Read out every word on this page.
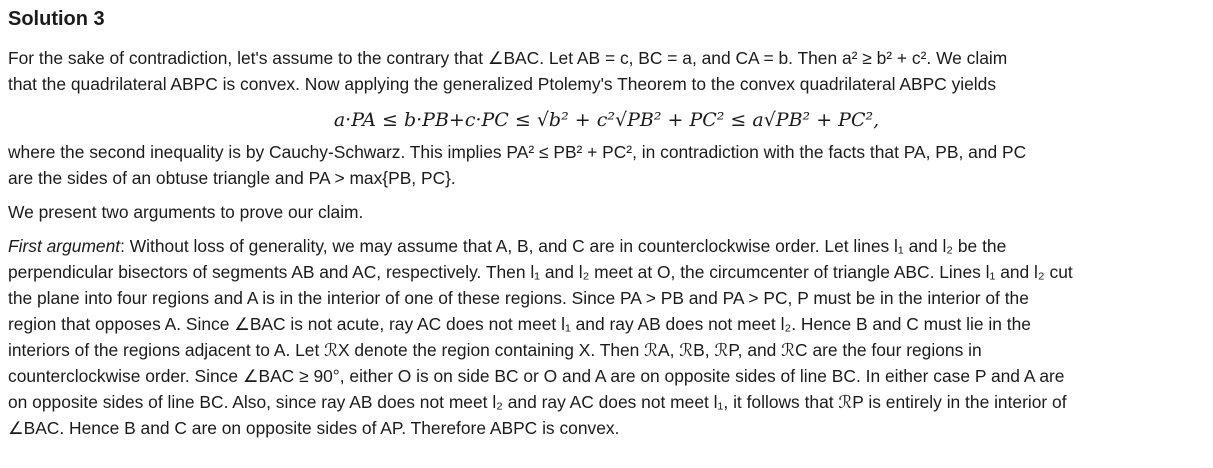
Solution 3

For the sake of contradiction, let's assume to the contrary that ∠BAC. Let AB = c, BC = a, and CA = b. Then a² ≥ b² + c². We claim
that the quadrilateral ABPC is convex. Now applying the generalized Ptolemy's Theorem to the convex quadrilateral ABPC yields

a·PA ≤ b·PB+c·PC ≤ √b² + c²√PB² + PC² ≤ a√PB² + PC²,

where the second inequality is by Cauchy-Schwarz. This implies PA² ≤ PB² + PC², in contradiction with the facts that PA, PB, and PC
are the sides of an obtuse triangle and PA > max{PB, PC}.

We present two arguments to prove our claim.

First argument: Without loss of generality, we may assume that A, B, and C are in counterclockwise order. Let lines l₁ and l₂ be the
perpendicular bisectors of segments AB and AC, respectively. Then l₁ and l₂ meet at O, the circumcenter of triangle ABC. Lines l₁ and l₂ cut
the plane into four regions and A is in the interior of one of these regions. Since PA > PB and PA > PC, P must be in the interior of the
region that opposes A. Since ∠BAC is not acute, ray AC does not meet l₁ and ray AB does not meet l₂. Hence B and C must lie in the
interiors of the regions adjacent to A. Let ℛX denote the region containing X. Then ℛA, ℛB, ℛP, and ℛC are the four regions in
counterclockwise order. Since ∠BAC ≥ 90°, either O is on side BC or O and A are on opposite sides of line BC. In either case P and A are
on opposite sides of line BC. Also, since ray AB does not meet l₂ and ray AC does not meet l₁, it follows that ℛP is entirely in the interior of
∠BAC. Hence B and C are on opposite sides of AP. Therefore ABPC is convex.
